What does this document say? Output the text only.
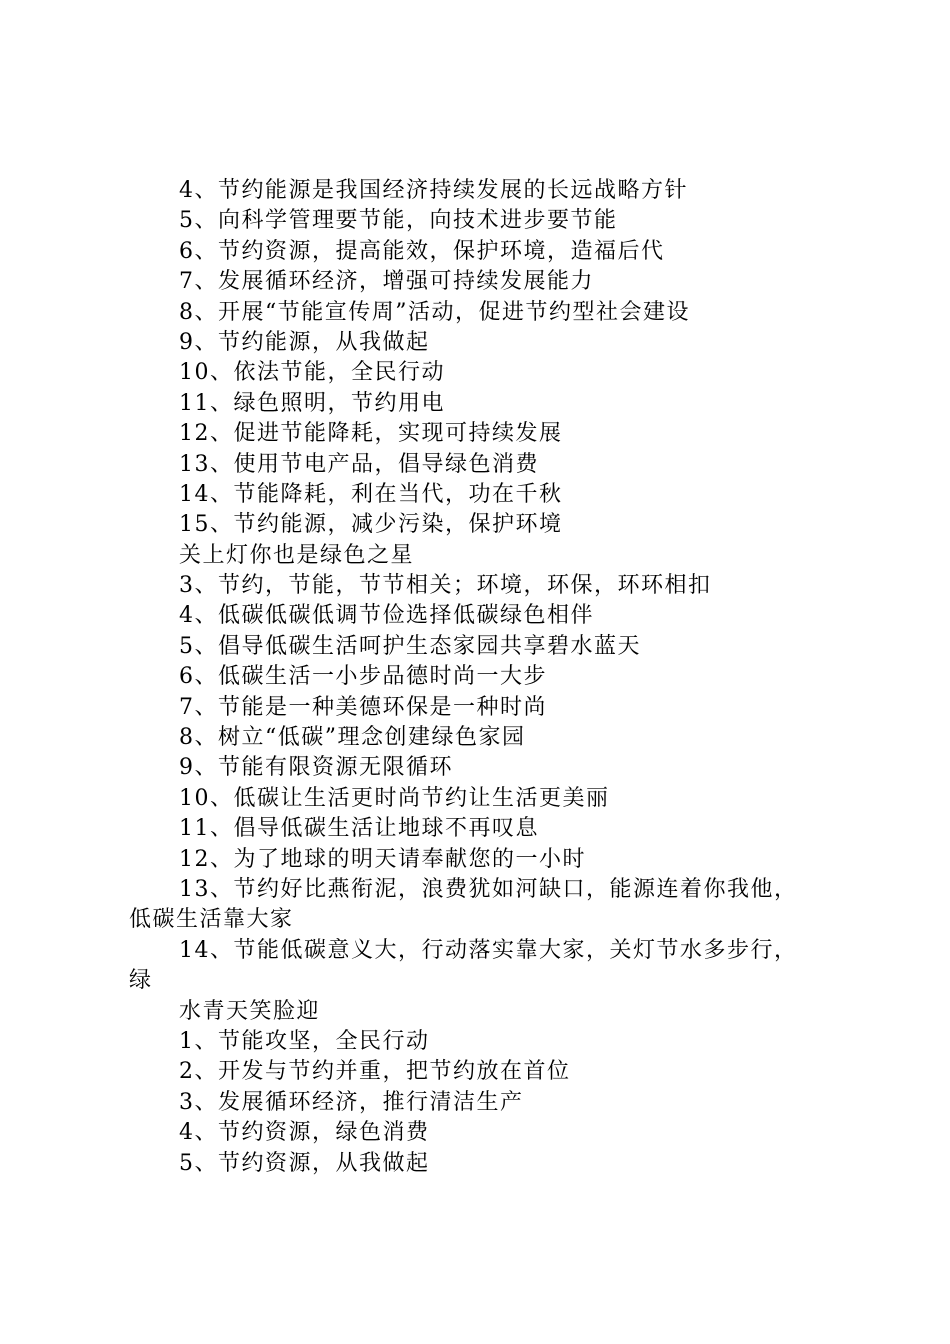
4、节约能源是我国经济持续发展的长远战略方针
5、向科学管理要节能，向技术进步要节能
6、节约资源，提高能效，保护环境，造福后代
7、发展循环经济，增强可持续发展能力
8、开展“节能宣传周”活动，促进节约型社会建设
9、节约能源，从我做起
10、依法节能，全民行动
11、绿色照明，节约用电
12、促进节能降耗，实现可持续发展
13、使用节电产品，倡导绿色消费
14、节能降耗，利在当代，功在千秋
15、节约能源，减少污染，保护环境
关上灯你也是绿色之星
3、节约，节能，节节相关；环境，环保，环环相扣
4、低碳低碳低调节俭选择低碳绿色相伴
5、倡导低碳生活呵护生态家园共享碧水蓝天
6、低碳生活一小步品德时尚一大步
7、节能是一种美德环保是一种时尚
8、树立“低碳”理念创建绿色家园
9、节能有限资源无限循环
10、低碳让生活更时尚节约让生活更美丽
11、倡导低碳生活让地球不再叹息
12、为了地球的明天请奉献您的一小时
13、节约好比燕衔泥，浪费犹如河缺口，能源连着你我他，
低碳生活靠大家
14、节能低碳意义大，行动落实靠大家，关灯节水多步行，
绿
水青天笑脸迎
1、节能攻坚，全民行动
2、开发与节约并重，把节约放在首位
3、发展循环经济，推行清洁生产
4、节约资源，绿色消费
5、节约资源，从我做起
